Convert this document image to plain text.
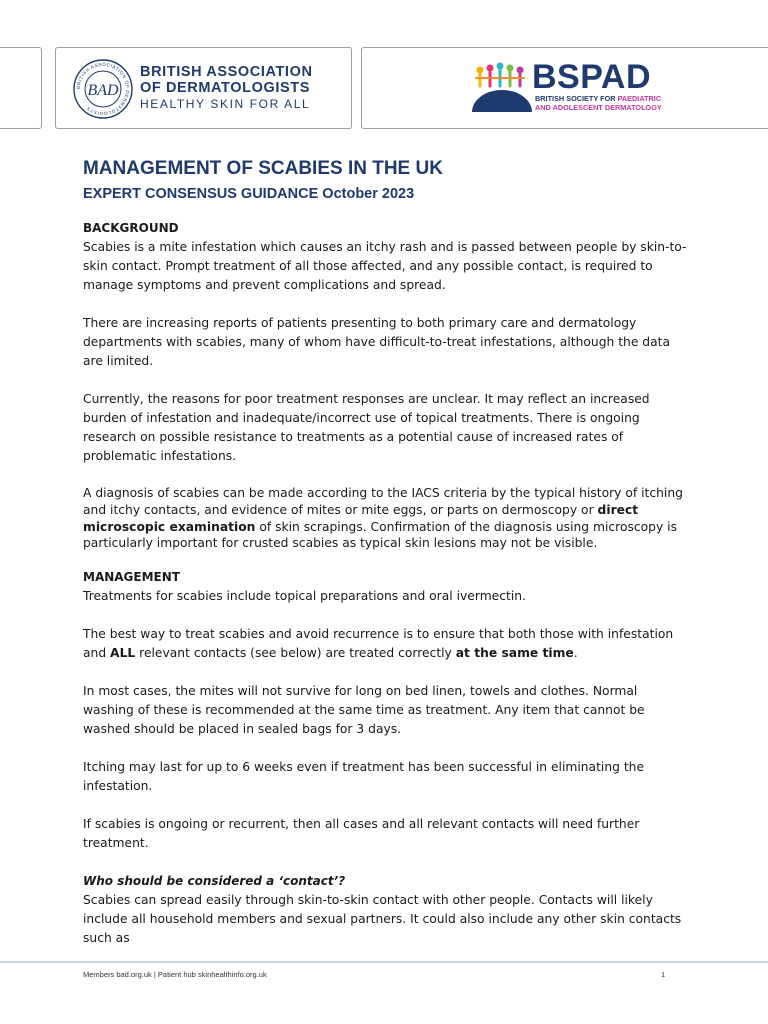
BRITISH ASSOCIATION OF DERMATOLOGISTS
BAD
BRITISH ASSOCIATION
OF DERMATOLOGISTS
HEALTHY SKIN FOR ALL
BSPAD
BRITISH SOCIETY FOR PAEDIATRIC
AND ADOLESCENT DERMATOLOGY
MANAGEMENT OF SCABIES IN THE UK
EXPERT CONSENSUS GUIDANCE October 2023
BACKGROUND

Scabies is a mite infestation which causes an itchy rash and is passed between people by skin-to-skin contact. Prompt treatment of all those affected, and any possible contact, is required to manage symptoms and prevent complications and spread.

There are increasing reports of patients presenting to both primary care and dermatology departments with scabies, many of whom have difficult-to-treat infestations, although the data are limited.

Currently, the reasons for poor treatment responses are unclear. It may reflect an increased burden of infestation and inadequate/incorrect use of topical treatments. There is ongoing research on possible resistance to treatments as a potential cause of increased rates of problematic infestations.

A diagnosis of scabies can be made according to the IACS criteria by the typical history of itching and itchy contacts, and evidence of mites or mite eggs, or parts on dermoscopy or direct microscopic examination of skin scrapings. Confirmation of the diagnosis using microscopy is particularly important for crusted scabies as typical skin lesions may not be visible.

MANAGEMENT

Treatments for scabies include topical preparations and oral ivermectin.

The best way to treat scabies and avoid recurrence is to ensure that both those with infestation and ALL relevant contacts (see below) are treated correctly at the same time.

In most cases, the mites will not survive for long on bed linen, towels and clothes. Normal washing of these is recommended at the same time as treatment. Any item that cannot be washed should be placed in sealed bags for 3 days.

Itching may last for up to 6 weeks even if treatment has been successful in eliminating the infestation.

If scabies is ongoing or recurrent, then all cases and all relevant contacts will need further treatment.

Who should be considered a ‘contact’?

Scabies can spread easily through skin-to-skin contact with other people. Contacts will likely include all household members and sexual partners. It could also include any other skin contacts such as

Members bad.org.uk | Patient hub skinhealthinfo.org.uk	1
